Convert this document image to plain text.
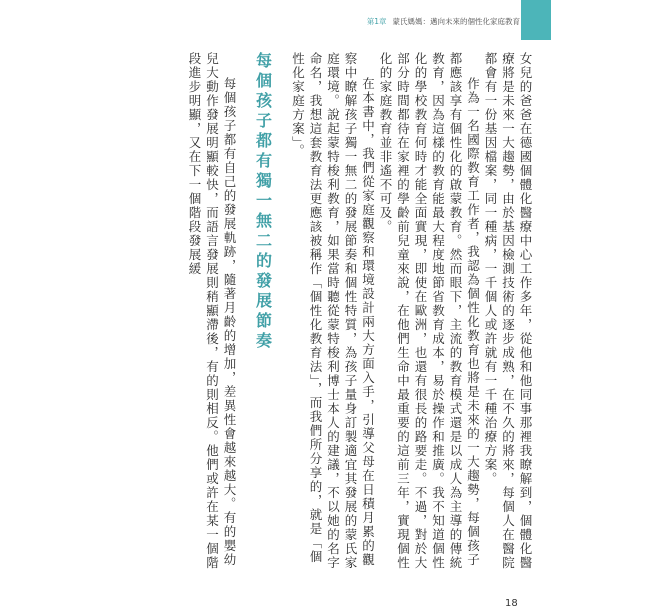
第1章 蒙氏媽媽：邁向未來的個性化家庭教育

女兒的爸爸在德國個體化醫療中心工作多年，從他和他同事那裡我瞭解到，個體化醫療將是未來一大趨勢，由於基因檢測技術的逐步成熟，在不久的將來，每個人在醫院都會有一份基因檔案，同一種病，一千個人或許就有一千種治療方案。

作為一名國際教育工作者，我認為個性化教育也將是未來的一大趨勢，每個孩子都應該享有個性化的啟蒙教育。然而眼下，主流的教育模式還是以成人為主導的傳統教育，因為這樣的教育能最大程度地節省教育成本，易於操作和推廣。我不知道個性化的學校教育何時才能全面實現，即使在歐洲，也還有很長的路要走。不過，對於大部分時間都待在家裡的學齡前兒童來說，在他們生命中最重要的這前三年，實現個性化的家庭教育並非遙不可及。

在本書中，我們從家庭觀察和環境設計兩大方面入手，引導父母在日積月累的觀察中瞭解孩子獨一無二的發展節奏和個性特質，為孩子量身訂製適宜其發展的蒙氏家庭環境。說起蒙特梭利教育，如果當時聽從蒙特梭利博士本人的建議，不以她的名字命名，我想這套教育法更應該被稱作「個性化教育法」，而我們所分享的，就是「個性化家庭方案」。

每個孩子都有獨一無二的發展節奏

每個孩子都有自己的發展軌跡，隨著月齡的增加，差異性會越來越大。有的嬰幼兒大動作發展明顯較快，而語言發展則稍顯滯後，有的則相反。他們或許在某一個階段進步明顯，又在下一個階段發展緩

18
